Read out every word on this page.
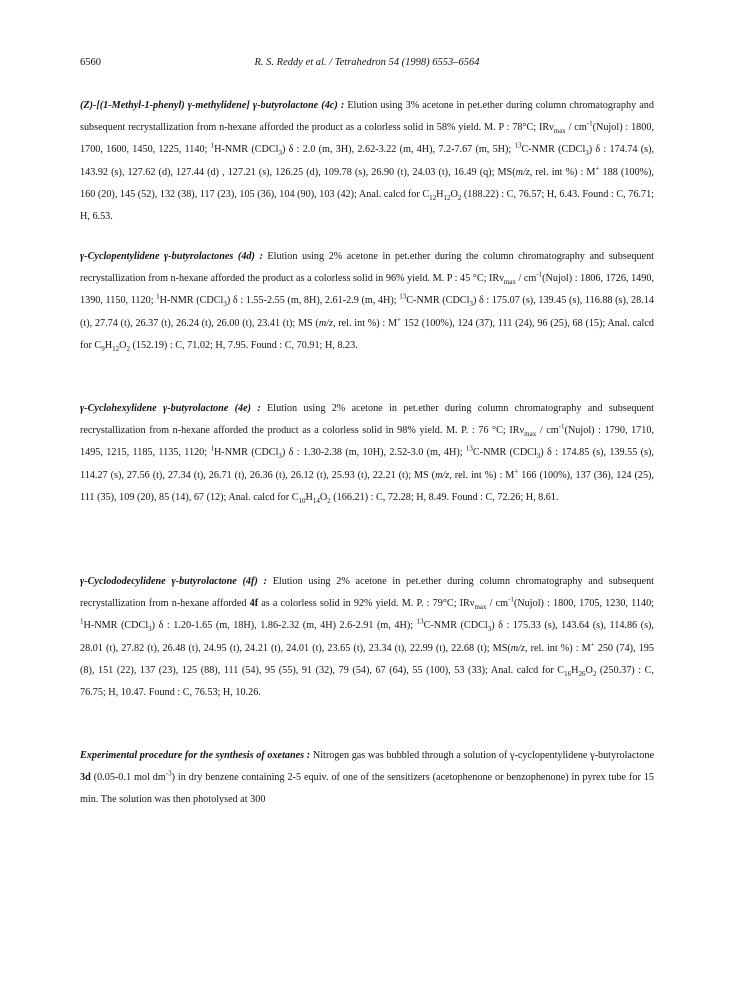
6560	R. S. Reddy et al. / Tetrahedron 54 (1998) 6553–6564

(Z)-[(1-Methyl-1-phenyl) γ-methylidene] γ-butyrolactone (4c) : Elution using 3% acetone in pet.ether during column chromatography and subsequent recrystallization from n-hexane afforded the product as a colorless solid in 58% yield. M. P : 78°C; $IR\nu_{max} / cm^{-1}(Nujol)$ : 1800, 1700, 1600, 1450, 1225, 1140; $^1$H-NMR (CDCl$_3$) δ : 2.0 (m, 3H), 2.62-3.22 (m, 4H), 7.2-7.67 (m, 5H); $^{13}$C-NMR (CDCl$_3$) δ : 174.74 (s), 143.92 (s), 127.62 (d), 127.44 (d) , 127.21 (s), 126.25 (d), 109.78 (s), 26.90 (t), 24.03 (t), 16.49 (q); MS(m/z, rel. int %) : M+ 188 (100%), 160 (20), 145 (52), 132 (38), 117 (23), 105 (36), 104 (90), 103 (42); Anal. calcd for $C_{12}H_{12}O_2$ (188.22) : C, 76.57; H, 6.43. Found : C, 76.71; H, 6.53.

γ-Cyclopentylidene γ-butyrolactones (4d) : Elution using 2% acetone in pet.ether during the column chromatography and subsequent recrystallization from n-hexane afforded the product as a colorless solid in 96% yield. M. P : 45 °C; $IR\nu_{max} / cm^{-1}(Nujol)$ : 1806, 1726, 1490, 1390, 1150, 1120; $^1$H-NMR (CDCl$_3$) δ : 1.55-2.55 (m, 8H), 2.61-2.9 (m, 4H); $^{13}$C-NMR (CDCl$_3$) δ : 175.07 (s), 139.45 (s), 116.88 (s), 28.14 (t), 27.74 (t), 26.37 (t), 26.24 (t), 26.00 (t), 23.41 (t); MS (m/z, rel. int %) : M+ 152 (100%), 124 (37), 111 (24), 96 (25), 68 (15); Anal. calcd for $C_9H_{12}O_2$ (152.19) : C, 71.02; H, 7.95. Found : C, 70.91; H, 8.23.

γ-Cyclohexylidene γ-butyrolactone (4e) : Elution using 2% acetone in pet.ether during column chromatography and subsequent recrystallization from n-hexane afforded the product as a colorless solid in 98% yield. M. P. : 76 °C; $IR\nu_{max} / cm^{-1}(Nujol)$ : 1790, 1710, 1495, 1215, 1185, 1135, 1120; $^1$H-NMR (CDCl$_3$) δ : 1.30-2.38 (m, 10H), 2.52-3.0 (m, 4H); $^{13}$C-NMR (CDCl$_3$) δ : 174.85 (s), 139.55 (s), 114.27 (s), 27.56 (t), 27.34 (t), 26.71 (t), 26.36 (t), 26.12 (t), 25.93 (t), 22.21 (t); MS (m/z, rel. int %) : M+ 166 (100%), 137 (36), 124 (25), 111 (35), 109 (20), 85 (14), 67 (12); Anal. calcd for $C_{10}H_{14}O_2$ (166.21) : C, 72.28; H, 8.49. Found : C, 72.26; H, 8.61.

γ-Cyclododecylidene γ-butyrolactone (4f) : Elution using 2% acetone in pet.ether during column chromatography and subsequent recrystallization from n-hexane afforded 4f as a colorless solid in 92% yield. M. P. : 79°C; $IR\nu_{max} / cm^{-1}(Nujol)$ : 1800, 1705, 1230, 1140; $^1$H-NMR (CDCl$_3$) δ : 1.20-1.65 (m, 18H), 1.86-2.32 (m, 4H) 2.6-2.91 (m, 4H); $^{13}$C-NMR (CDCl$_3$) δ : 175.33 (s), 143.64 (s), 114.86 (s), 28.01 (t), 27.82 (t), 26.48 (t), 24.95 (t), 24.21 (t), 24.01 (t), 23.65 (t), 23.34 (t), 22.99 (t), 22.68 (t); MS(m/z, rel. int %) : M+ 250 (74), 195 (8), 151 (22), 137 (23), 125 (88), 111 (54), 95 (55), 91 (32), 79 (54), 67 (64), 55 (100), 53 (33); Anal. calcd for $C_{16}H_{26}O_2$ (250.37) : C, 76.75; H, 10.47. Found : C, 76.53; H, 10.26.

Experimental procedure for the synthesis of oxetanes : Nitrogen gas was bubbled through a solution of γ-cyclopentylidene γ-butyrolactone 3d (0.05-0.1 mol $dm^{-3}$) in dry benzene containing 2-5 equiv. of one of the sensitizers (acetophenone or benzophenone) in pyrex tube for 15 min. The solution was then photolysed at 300
